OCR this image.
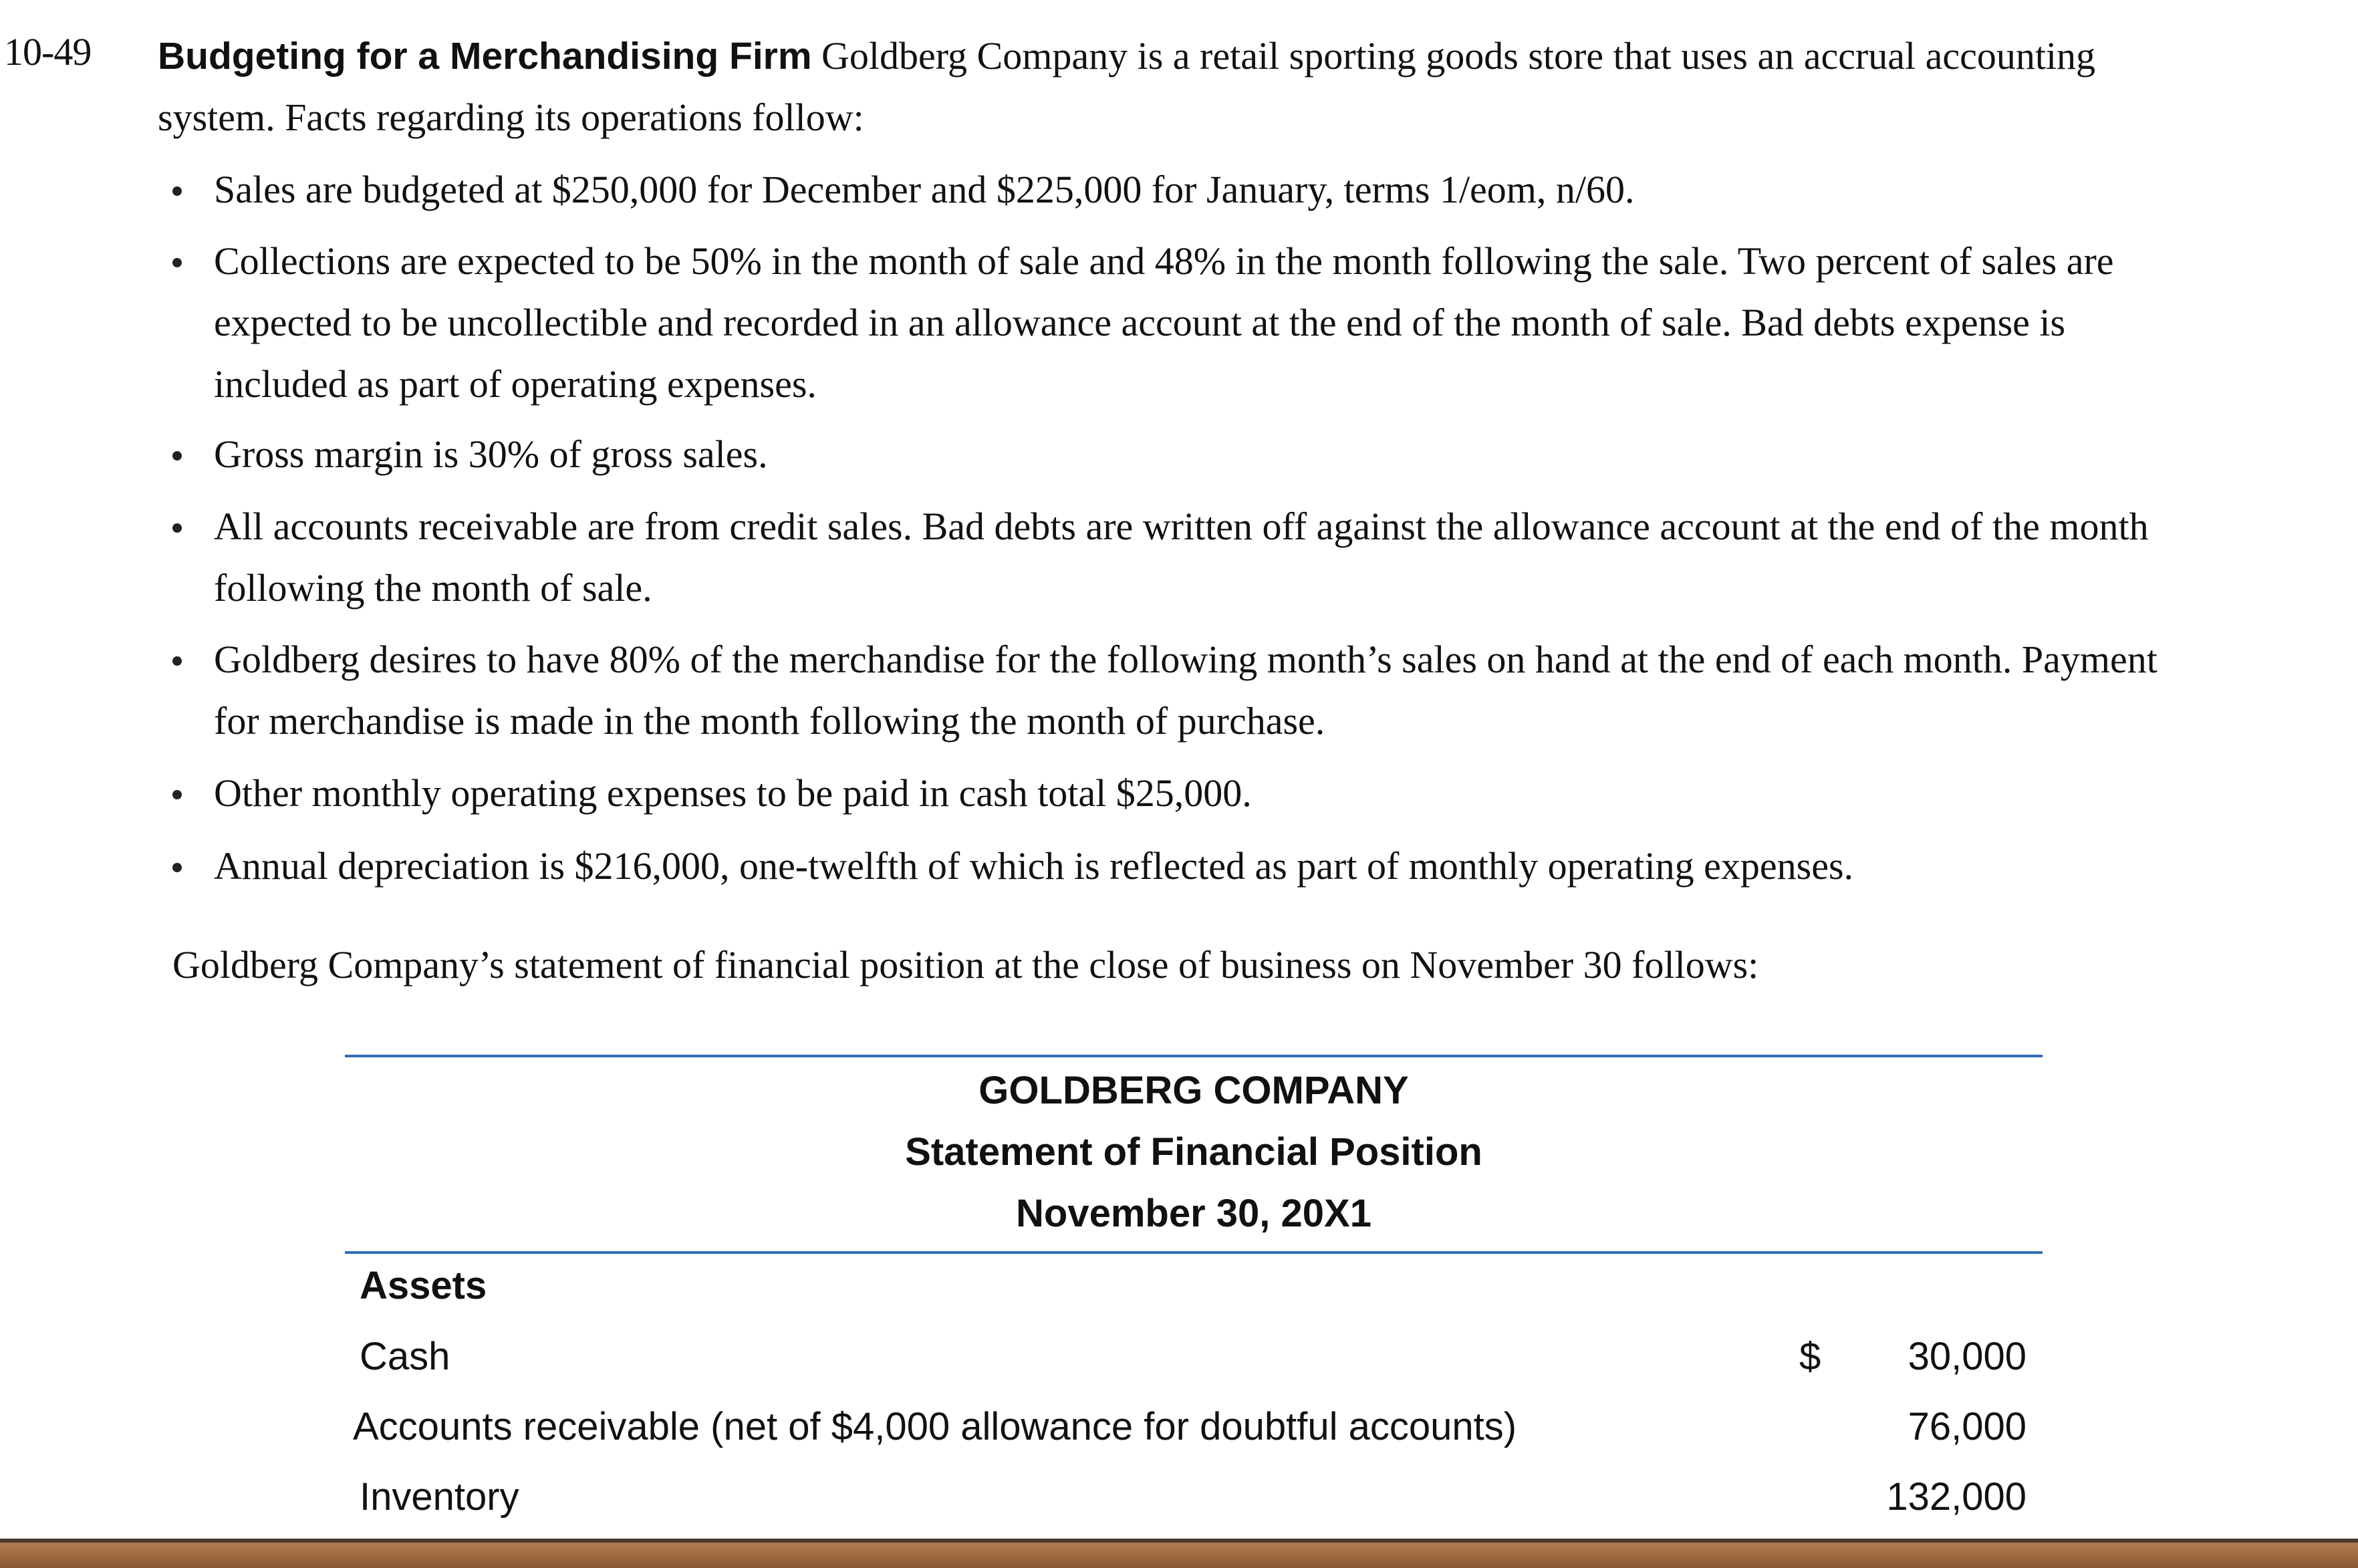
10-49 Budgeting for a Merchandising Firm Goldberg Company is a retail sporting goods store that uses an accrual accounting
system. Facts regarding its operations follow:
Sales are budgeted at $250,000 for December and $225,000 for January, terms 1/eom, n/60.
Collections are expected to be 50% in the month of sale and 48% in the month following the sale. Two percent of sales are
expected to be uncollectible and recorded in an allowance account at the end of the month of sale. Bad debts expense is
included as part of operating expenses.
Gross margin is 30% of gross sales.
All accounts receivable are from credit sales. Bad debts are written off against the allowance account at the end of the month
following the month of sale.
Goldberg desires to have 80% of the merchandise for the following month’s sales on hand at the end of each month. Payment
for merchandise is made in the month following the month of purchase.
Other monthly operating expenses to be paid in cash total $25,000.
Annual depreciation is $216,000, one-twelfth of which is reflected as part of monthly operating expenses.
Goldberg Company’s statement of financial position at the close of business on November 30 follows:
GOLDBERG COMPANY
Statement of Financial Position
November 30, 20X1
Assets
Cash	$ 30,000
Accounts receivable (net of $4,000 allowance for doubtful accounts)	76,000
Inventory	132,000
